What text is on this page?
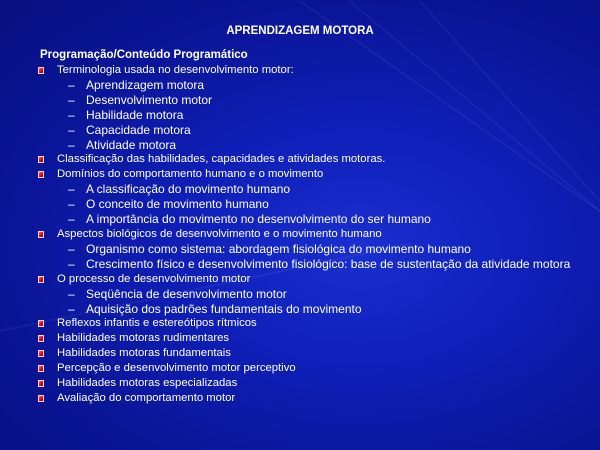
APRENDIZAGEM MOTORA
Programação/Conteúdo Programático
Terminologia usada no desenvolvimento motor:
– Aprendizagem motora
– Desenvolvimento motor
– Habilidade motora
– Capacidade motora
– Atividade motora
Classificação das habilidades, capacidades e atividades motoras.
Domínios do comportamento humano e o movimento
– A classificação do movimento humano
– O conceito de movimento humano
– A importância do movimento no desenvolvimento do ser humano
Aspectos biológicos de desenvolvimento e o movimento humano
– Organismo como sistema: abordagem fisiológica do movimento humano
– Crescimento físico e desenvolvimento fisiológico: base de sustentação da atividade motora
O processo de desenvolvimento motor
– Seqüência de desenvolvimento motor
– Aquisição dos padrões fundamentais do movimento
Reflexos infantis e estereótipos rítmicos
Habilidades motoras rudimentares
Habilidades motoras fundamentais
Percepção e desenvolvimento motor perceptivo
Habilidades motoras especializadas
Avaliação do comportamento motor
